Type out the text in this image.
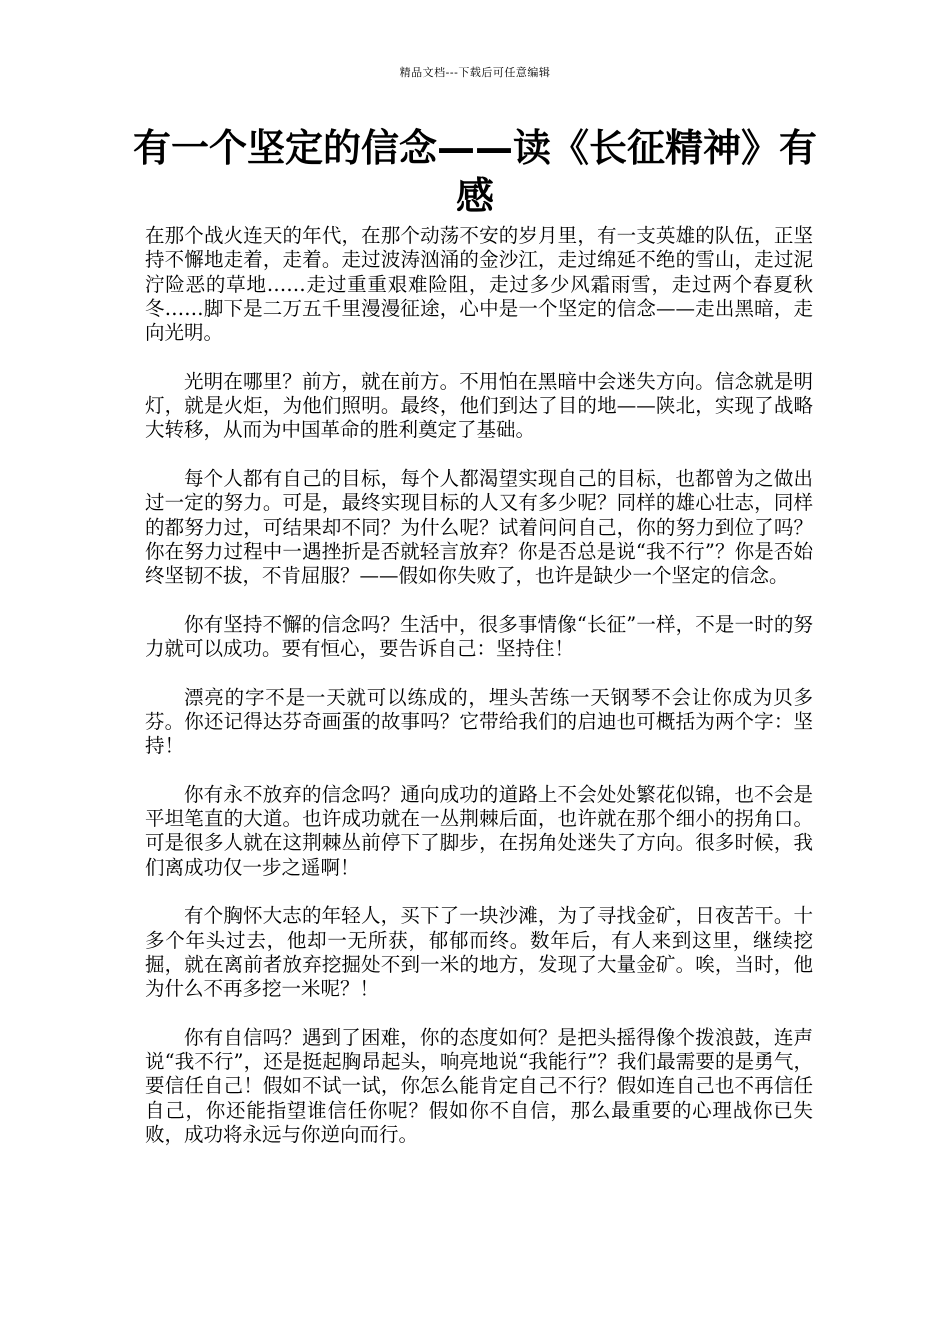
精品文档---下载后可任意编辑
有一个坚定的信念——读《长征精神》有感

在那个战火连天的年代，在那个动荡不安的岁月里，有一支英雄的队伍，正坚持不懈地走着，走着。走过波涛汹涌的金沙江，走过绵延不绝的雪山，走过泥泞险恶的草地……走过重重艰难险阻，走过多少风霜雨雪，走过两个春夏秋冬……脚下是二万五千里漫漫征途，心中是一个坚定的信念——走出黑暗，走向光明。

光明在哪里？前方，就在前方。不用怕在黑暗中会迷失方向。信念就是明灯，就是火炬，为他们照明。最终，他们到达了目的地——陕北，实现了战略大转移，从而为中国革命的胜利奠定了基础。

每个人都有自己的目标，每个人都渴望实现自己的目标，也都曾为之做出过一定的努力。可是，最终实现目标的人又有多少呢？同样的雄心壮志，同样的都努力过，可结果却不同？为什么呢？试着问问自己，你的努力到位了吗？你在努力过程中一遇挫折是否就轻言放弃？你是否总是说“我不行”？你是否始终坚韧不拔，不肯屈服？——假如你失败了，也许是缺少一个坚定的信念。

你有坚持不懈的信念吗？生活中，很多事情像“长征”一样，不是一时的努力就可以成功。要有恒心，要告诉自己：坚持住！

漂亮的字不是一天就可以练成的，埋头苦练一天钢琴不会让你成为贝多芬。你还记得达芬奇画蛋的故事吗？它带给我们的启迪也可概括为两个字：坚持！

你有永不放弃的信念吗？通向成功的道路上不会处处繁花似锦，也不会是平坦笔直的大道。也许成功就在一丛荆棘后面，也许就在那个细小的拐角口。可是很多人就在这荆棘丛前停下了脚步，在拐角处迷失了方向。很多时候，我们离成功仅一步之遥啊！

有个胸怀大志的年轻人，买下了一块沙滩，为了寻找金矿，日夜苦干。十多个年头过去，他却一无所获，郁郁而终。数年后，有人来到这里，继续挖掘，就在离前者放弃挖掘处不到一米的地方，发现了大量金矿。唉，当时，他为什么不再多挖一米呢？！

你有自信吗？遇到了困难，你的态度如何？是把头摇得像个拨浪鼓，连声说“我不行”，还是挺起胸昂起头，响亮地说“我能行”？我们最需要的是勇气，要信任自己！假如不试一试，你怎么能肯定自己不行？假如连自己也不再信任自己，你还能指望谁信任你呢？假如你不自信，那么最重要的心理战你已失败，成功将永远与你逆向而行。
